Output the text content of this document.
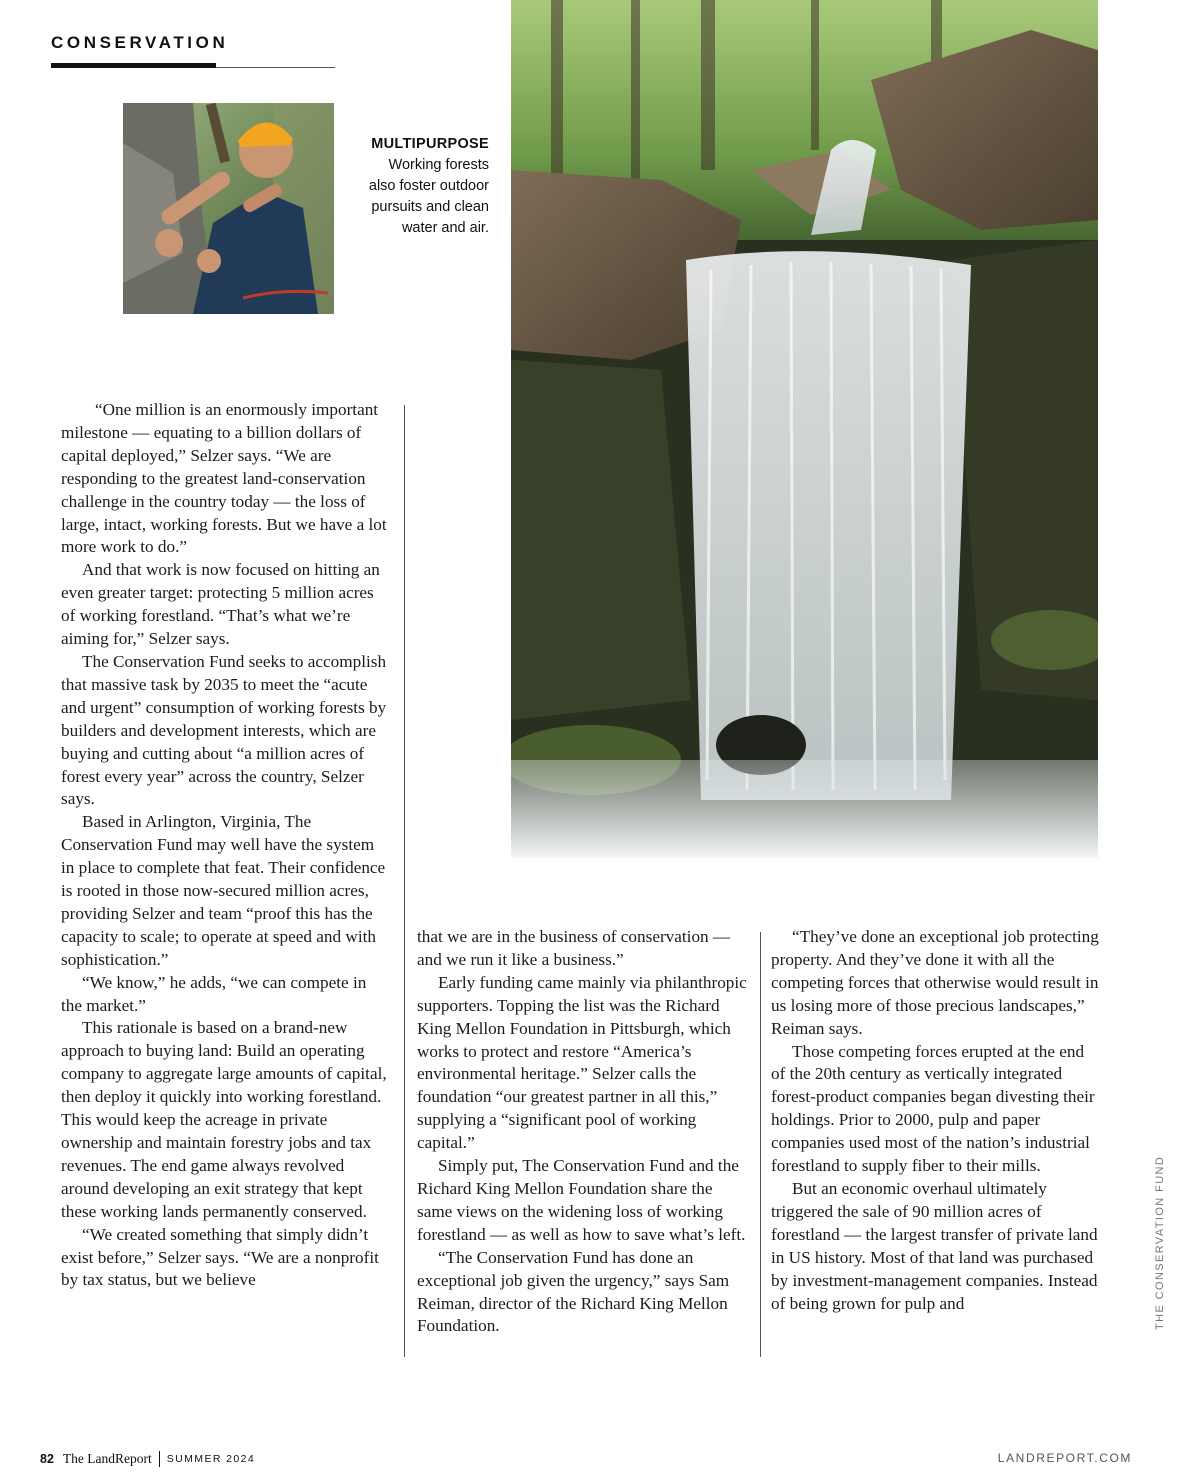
CONSERVATION
MULTIPURPOSE
Working forests
also foster outdoor
pursuits and clean
water and air.

“One million is an enormously important milestone — equating to a billion dollars of capital deployed,” Selzer says. “We are responding to the greatest land-conservation challenge in the country today — the loss of large, intact, working forests. But we have a lot more work to do.”

And that work is now focused on hitting an even greater target: protecting 5 million acres of working forestland. “That’s what we’re aiming for,” Selzer says.

The Conservation Fund seeks to accomplish that massive task by 2035 to meet the “acute and urgent” consumption of working forests by builders and development interests, which are buying and cutting about “a million acres of forest every year” across the country, Selzer says.

Based in Arlington, Virginia, The Conservation Fund may well have the system in place to complete that feat. Their confidence is rooted in those now-secured million acres, providing Selzer and team “proof this has the capacity to scale; to operate at speed and with sophistication.”

“We know,” he adds, “we can compete in the market.”

This rationale is based on a brand-new approach to buying land: Build an operating company to aggregate large amounts of capital, then deploy it quickly into working forestland. This would keep the acreage in private ownership and maintain forestry jobs and tax revenues. The end game always revolved around developing an exit strategy that kept these working lands permanently conserved.

“We created something that simply didn’t exist before,” Selzer says. “We are a nonprofit by tax status, but we believe

that we are in the business of conservation — and we run it like a business.”

Early funding came mainly via philanthropic supporters. Topping the list was the Richard King Mellon Foundation in Pittsburgh, which works to protect and restore “America’s environmental heritage.” Selzer calls the foundation “our greatest partner in all this,” supplying a “significant pool of working capital.”

Simply put, The Conservation Fund and the Richard King Mellon Foundation share the same views on the widening loss of working forestland — as well as how to save what’s left.

“The Conservation Fund has done an exceptional job given the urgency,” says Sam Reiman, director of the Richard King Mellon Foundation.

“They’ve done an exceptional job protecting property. And they’ve done it with all the competing forces that otherwise would result in us losing more of those precious landscapes,” Reiman says.

Those competing forces erupted at the end of the 20th century as vertically integrated forest-product companies began divesting their holdings. Prior to 2000, pulp and paper companies used most of the nation’s industrial forestland to supply fiber to their mills.

But an economic overhaul ultimately triggered the sale of 90 million acres of forestland — the largest transfer of private land in US history. Most of that land was purchased by investment-management companies. Instead of being grown for pulp and	THE CONSERVATION FUND
82 The LandReport SUMMER 2024	LANDREPORT.COM
